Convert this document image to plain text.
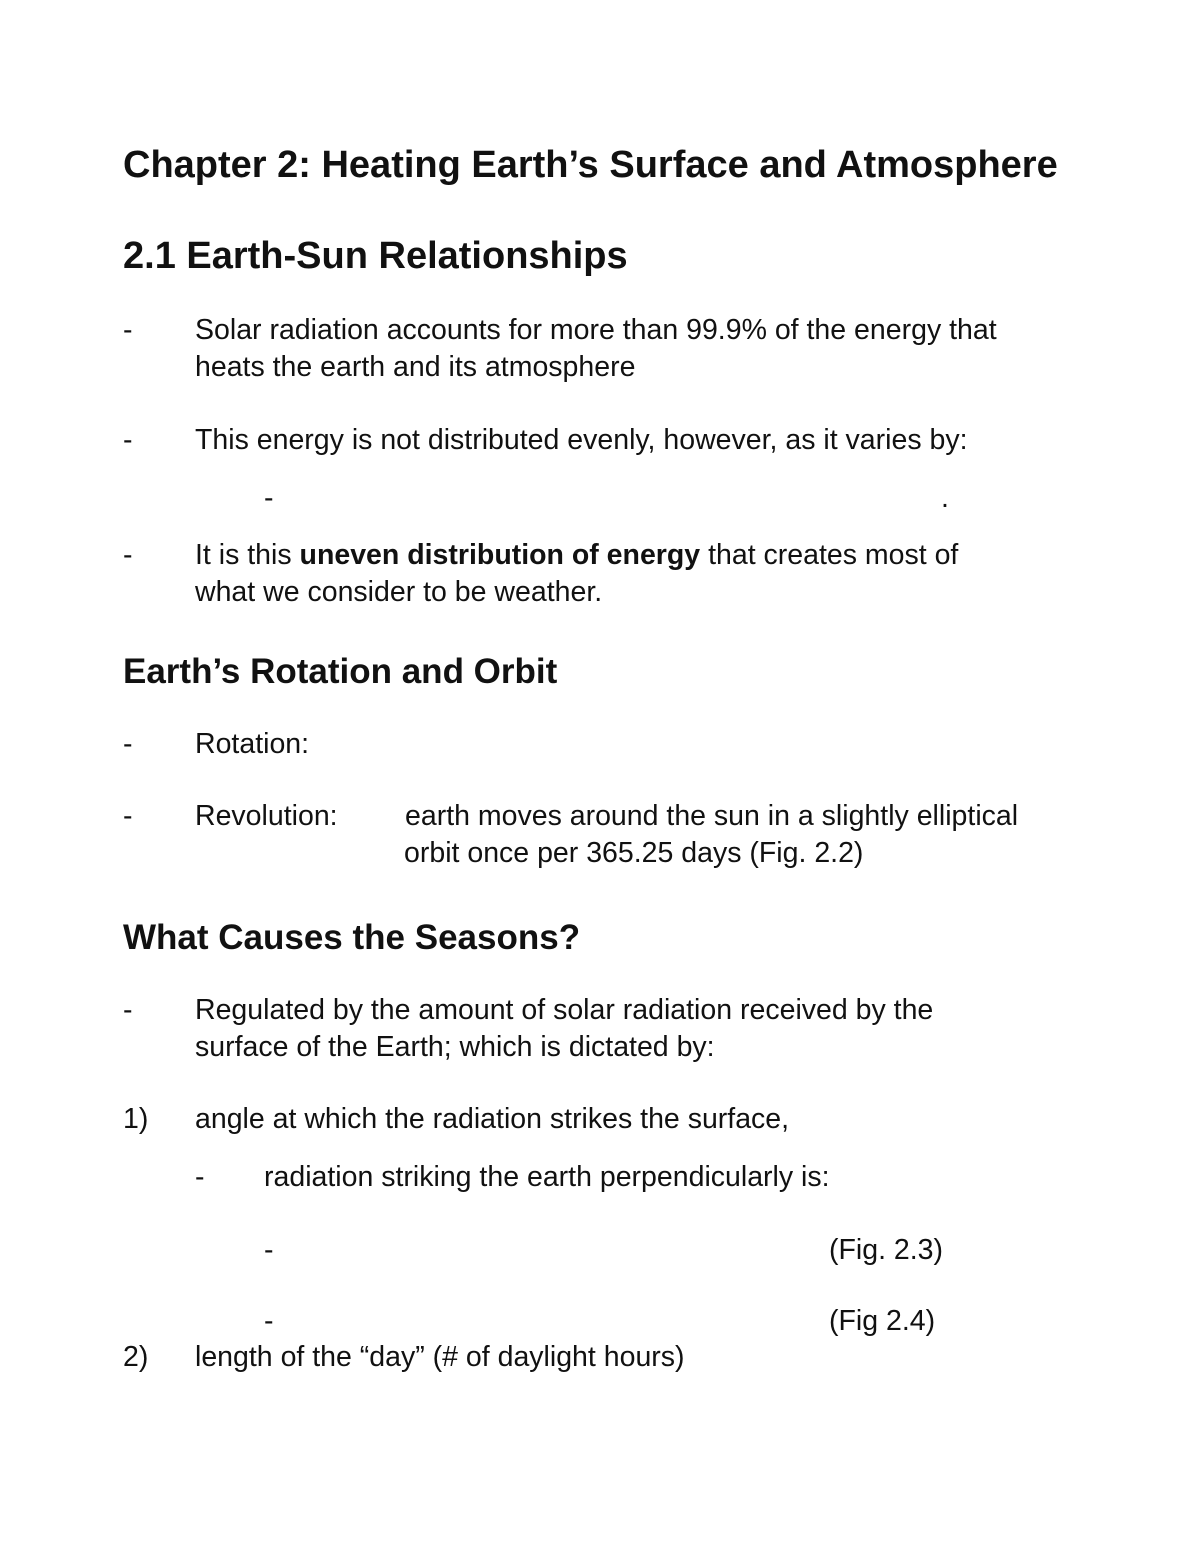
Chapter 2: Heating Earth’s Surface and Atmosphere
2.1 Earth-Sun Relationships
- Solar radiation accounts for more than 99.9% of the energy that
heats the earth and its atmosphere
- This energy is not distributed evenly, however, as it varies by:
-	.
- It is this uneven distribution of energy that creates most of
what we consider to be weather.
Earth’s Rotation and Orbit
- Rotation:
- Revolution: earth moves around the sun in a slightly elliptical
orbit once per 365.25 days (Fig. 2.2)
What Causes the Seasons?
- Regulated by the amount of solar radiation received by the
surface of the Earth; which is dictated by:
1) angle at which the radiation strikes the surface,
- radiation striking the earth perpendicularly is:
-	(Fig. 2.3)
-	(Fig 2.4)
2) length of the “day” (# of daylight hours)
